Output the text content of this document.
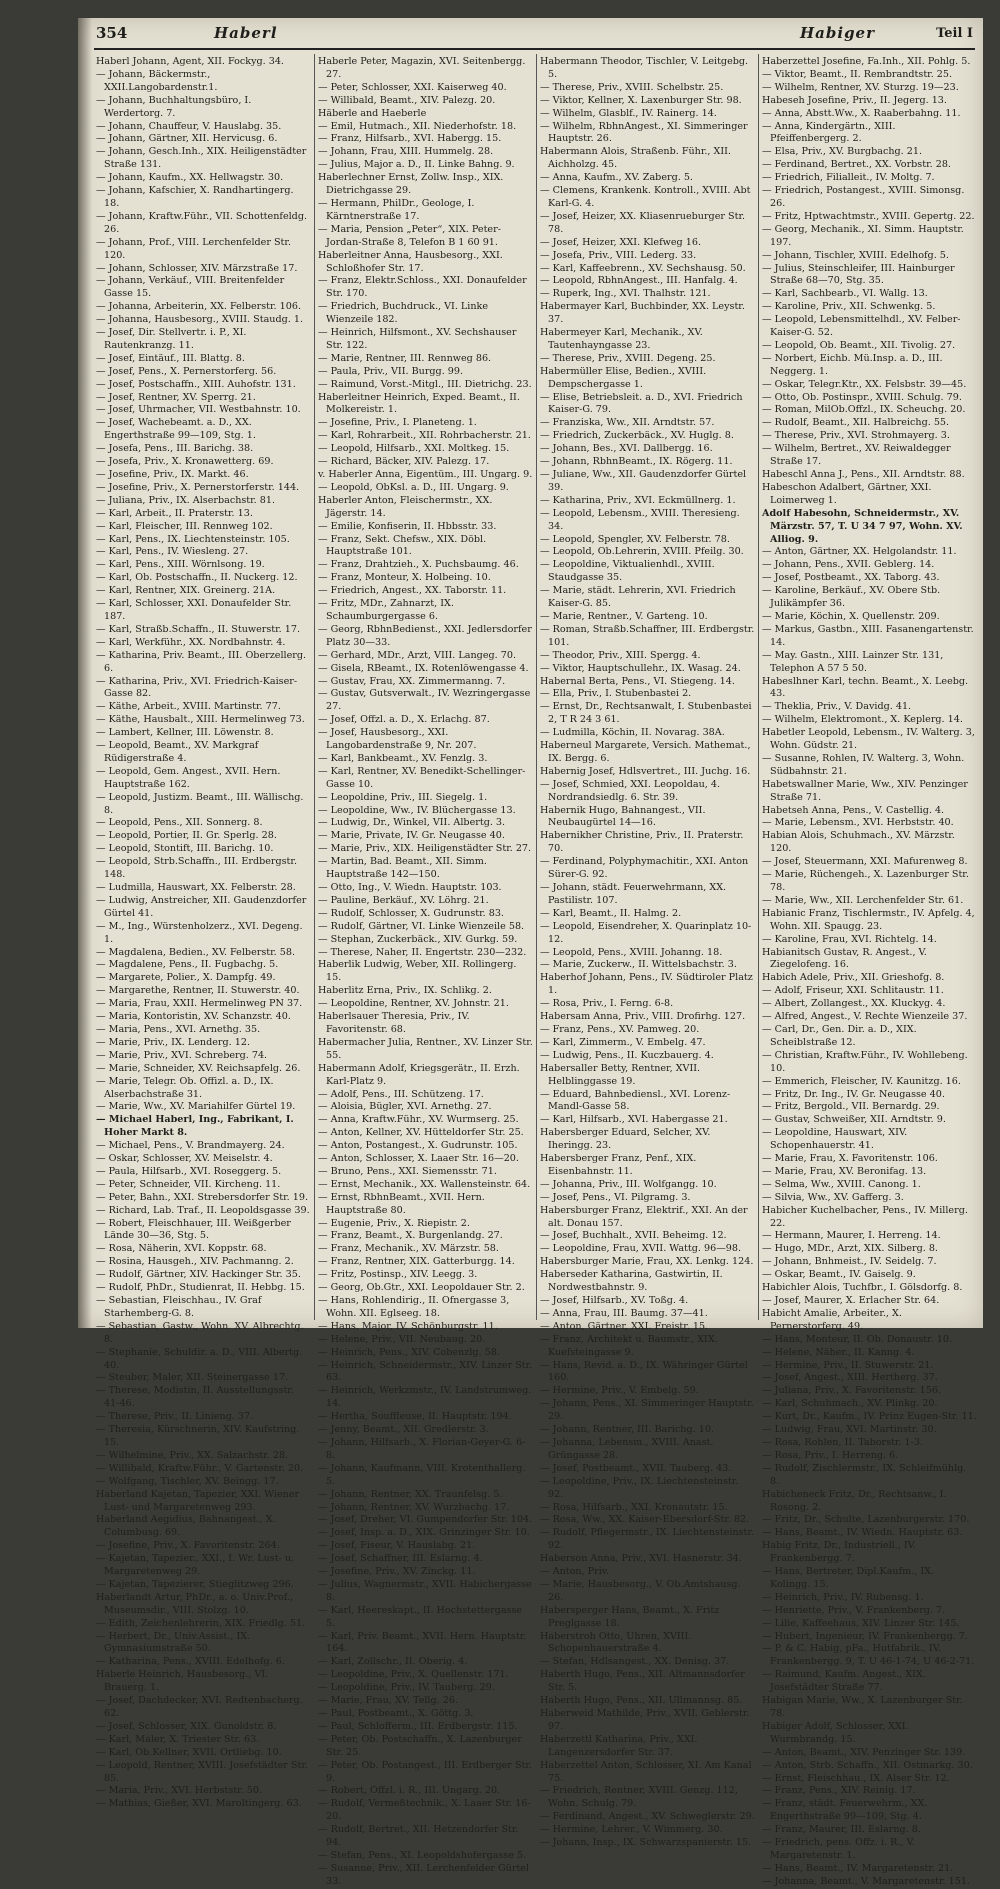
354	Haberl	Habiger	Teil I

Haberl Johann, Agent, XII. Fockyg. 34.

— Johann, Bäckermstr., XXII.Langobardenstr.1.

— Johann, Buchhaltungsbüro, I. Werdertorg. 7.

— Johann, Chauffeur, V. Hauslabg. 35.

— Johann, Gärtner, XII. Hervicusg. 6.

— Johann, Gesch.Inh., XIX. Heiligenstädter Straße 131.

— Johann, Kaufm., XX. Hellwagstr. 30.

— Johann, Kafschier, X. Randhartingerg. 18.

— Johann, Kraftw.Führ., VII. Schottenfeldg. 26.

— Johann, Prof., VIII. Lerchenfelder Str. 120.

— Johann, Schlosser, XIV. Märzstraße 17.

— Johann, Verkäuf., VIII. Breitenfelder Gasse 15.

— Johanna, Arbeiterin, XX. Felberstr. 106.

— Johanna, Hausbesorg., XVIII. Staudg. 1.

— Josef, Dir. Stellvertr. i. P., XI. Rautenkranzg. 11.

— Josef, Eintäuf., III. Blattg. 8.

— Josef, Pens., X. Pernerstorferg. 56.

— Josef, Postschaffn., XIII. Auhofstr. 131.

— Josef, Rentner, XV. Sperrg. 21.

— Josef, Uhrmacher, VII. Westbahnstr. 10.

— Josef, Wachebeamt. a. D., XX. Engerthstraße 99—109, Stg. 1.

— Josefa, Pens., III. Barichg. 38.

— Josefa, Priv., X. Kronawetterg. 69.

— Josefine, Priv., IX. Markt. 46.

— Josefine, Priv., X. Pernerstorferstr. 144.

— Juliana, Priv., IX. Alserbachstr. 81.

— Karl, Arbeit., II. Praterstr. 13.

— Karl, Fleischer, III. Rennweg 102.

— Karl, Pens., IX. Liechtensteinstr. 105.

— Karl, Pens., IV. Wiesleng. 27.

— Karl, Pens., XIII. Wörnlsong. 19.

— Karl, Ob. Postschaffn., II. Nuckerg. 12.

— Karl, Rentner, XIX. Greinerg. 21A.

— Karl, Schlosser, XXI. Donaufelder Str. 187.

— Karl, Straßb.Schaffn., II. Stuwerstr. 17.

— Karl, Werkführ., XX. Nordbahnstr. 4.

— Katharina, Priv. Beamt., III. Oberzellerg. 6.

— Katharina, Priv., XVI. Friedrich-Kaiser-Gasse 82.

— Käthe, Arbeit., XVIII. Martinstr. 77.

— Käthe, Hausbalt., XIII. Hermelinweg 73.

— Lambert, Kellner, III. Löwenstr. 8.

— Leopold, Beamt., XV. Markgraf Rüdigerstraße 4.

— Leopold, Gem. Angest., XVII. Hern. Hauptstraße 162.

— Leopold, Justizm. Beamt., III. Wällischg. 8.

— Leopold, Pens., XII. Sonnerg. 8.

— Leopold, Portier, II. Gr. Sperlg. 28.

— Leopold, Stontift, III. Barichg. 10.

— Leopold, Strb.Schaffn., III. Erdbergstr. 148.

— Ludmilla, Hauswart, XX. Felberstr. 28.

— Ludwig, Anstreicher, XII. Gaudenzdorfer Gürtel 41.

— M., Ing., Würstenholzerz., XVI. Degeng. 1.

— Magdalena, Bedien., XV. Felberstr. 58.

— Magdalene, Pens., II. Fugbachg. 5.

— Margarete, Polier., X. Dampfg. 49.

— Margarethe, Rentner, II. Stuwerstr. 40.

— Maria, Frau, XXII. Hermelinweg PN 37.

— Maria, Kontoristin, XV. Schanzstr. 40.

— Maria, Pens., XVI. Arnethg. 35.

— Marie, Priv., IX. Lenderg. 12.

— Marie, Priv., XVI. Schreberg. 74.

— Marie, Schneider, XV. Reichsapfelg. 26.

— Marie, Telegr. Ob. Offizl. a. D., IX. Alserbachstraße 31.

— Marie, Ww., XV. Mariahilfer Gürtel 19.

— Michael Haberl, Ing., Fabrikant, I. Hoher Markt 8.

— Michael, Pens., V. Brandmayerg. 24.

— Oskar, Schlosser, XV. Meiselstr. 4.

— Paula, Hilfsarb., XVI. Roseggerg. 5.

— Peter, Schneider, VII. Kircheng. 11.

— Peter, Bahn., XXI. Strebersdorfer Str. 19.

— Richard, Lab. Traf., II. Leopoldsgasse 39.

— Robert, Fleischhauer, III. Weißgerber Lände 30—36, Stg. 5.

— Rosa, Näherin, XVI. Koppstr. 68.

— Rosina, Hausgeh., XIV. Pachmanng. 2.

— Rudolf, Gärtner, XIV. Hackinger Str. 35.

— Rudolf, PhDr., Studienrat, II. Hebbg. 15.

— Sebastian, Fleischhau., IV. Graf Starhemberg-G. 8.

— Sebastian, Gastw., Wohn. XV. Albrechtg. 8.

— Stephanie, Schuldir. a. D., VIII. Albertg. 40.

— Steuber, Maler, XII. Steinergasse 17.

— Therese, Modistin, II. Ausstellungsstr. 41-46.

— Therese, Priv., II. Linieng. 37.

— Theresia, Kürschnerin, XIV. Kaufstring. 15.

— Wilhelmine, Priv., XX. Salzachstr. 28.

— Willibald, Kraftw.Führ., V. Gartenstr. 20.

— Wolfgang, Tischler, XV. Beingg. 17.

Haberland Kajetan, Tapezier, XXI. Wiener Lust- und Margaretenweg 293.

Haberland Aegidius, Bahnangest., X. Columbusg. 69.

— Josefine, Priv., X. Favoritenstr. 264.

— Kajetan, Tapezier., XXI., I. Wr. Lust- u. Margaretenweg 29.

— Kajetan, Tapezierer, Stieglitzweg 296.

Haberlandt Artur, PhDr., a. o. Univ.Prof., Museumsdir., VIII. Stolzg. 10.

— Edith, Zeichenlehrerin, XIX. Friedlg. 51.

— Herbert, Dr., Univ.Assist., IX. Gymnasiumstraße 50.

— Katharina, Pens., XVIII. Edelhofg. 6.

Haberle Heinrich, Hausbesorg., VI. Brauerg. 1.

— Josef, Dachdecker, XVI. Redtenbacherg. 62.

— Josef, Schlosser, XIX. Gunoldstr. 8.

— Karl, Maler, X. Triester Str. 63.

— Karl, Ob.Kellner, XVII. Ortliebg. 10.

— Leopold, Rentner, XVIII. Josefstädter Str. 85.

— Maria, Priv., XVI. Herbststr. 50.

— Mathias, Gießer, XVI. Maroltingerg. 63.

Haberle Peter, Magazin, XVI. Seitenbergg. 27.

— Peter, Schlosser, XXI. Kaiserweg 40.

— Willibald, Beamt., XIV. Palezg. 20.

Häberle and Haeberle

— Emil, Hutmach., XII. Niederhofstr. 18.

— Franz, Hilfsarb., XVI. Habergg. 15.

— Johann, Frau, XIII. Hummelg. 28.

— Julius, Major a. D., II. Linke Bahng. 9.

Haberlechner Ernst, Zollw. Insp., XIX. Dietrichgasse 29.

— Hermann, PhilDr., Geologe, I. Kärntnerstraße 17.

— Maria, Pension „Peter“, XIX. Peter-Jordan-Straße 8, Telefon B 1 60 91.

Haberleitner Anna, Hausbesorg., XXI. Schloßhofer Str. 17.

— Franz, Elektr.Schloss., XXI. Donaufelder Str. 170.

— Friedrich, Buchdruck., VI. Linke Wienzeile 182.

— Heinrich, Hilfsmont., XV. Sechshauser Str. 122.

— Marie, Rentner, III. Rennweg 86.

— Paula, Priv., VII. Burgg. 99.

— Raimund, Vorst.-Mitgl., III. Dietrichg. 23.

Haberleitner Heinrich, Exped. Beamt., II. Molkereistr. 1.

— Josefine, Priv., I. Planeteng. 1.

— Karl, Rohrarbeit., XII. Rohrbacherstr. 21.

— Leopold, Hilfsarb., XXI. Moltkeg. 15.

— Richard, Bäcker, XIV. Palezg. 17.

v. Haberler Anna, Eigentüm., III. Ungarg. 9.

— Leopold, ObKsl. a. D., III. Ungarg. 9.

Haberler Anton, Fleischermstr., XX. Jägerstr. 14.

— Emilie, Konfiserin, II. Hbbsstr. 33.

— Franz, Sekt. Chefsw., XIX. Döbl. Hauptstraße 101.

— Franz, Drahtzieh., X. Puchsbaumg. 46.

— Franz, Monteur, X. Holbeing. 10.

— Friedrich, Angest., XX. Taborstr. 11.

— Fritz, MDr., Zahnarzt, IX. Schaumburgergasse 6.

— Georg, RbhnBedienst., XXI. Jedlersdorfer Platz 30—33.

— Gerhard, MDr., Arzt, VIII. Langeg. 70.

— Gisela, RBeamt., IX. Rotenlöwengasse 4.

— Gustav, Frau, XX. Zimmermanng. 7.

— Gustav, Gutsverwalt., IV. Wezringergasse 27.

— Josef, Offzl. a. D., X. Erlachg. 87.

— Josef, Hausbesorg., XXI. Langobardenstraße 9, Nr. 207.

— Karl, Bankbeamt., XV. Fenzlg. 3.

— Karl, Rentner, XV. Benedikt-Schellinger-Gasse 10.

— Leopoldine, Priv., III. Siegelg. 1.

— Leopoldine, Ww., IV. Blüchergasse 13.

— Ludwig, Dr., Winkel, VII. Albertg. 3.

— Marie, Private, IV. Gr. Neugasse 40.

— Marie, Priv., XIX. Heiligenstädter Str. 27.

— Martin, Bad. Beamt., XII. Simm. Hauptstraße 142—150.

— Otto, Ing., V. Wiedn. Hauptstr. 103.

— Pauline, Berkäuf., XV. Löhrg. 21.

— Rudolf, Schlosser, X. Gudrunstr. 83.

— Rudolf, Gärtner, VI. Linke Wienzeile 58.

— Stephan, Zuckerbäck., XIV. Gurkg. 59.

— Therese, Naher, II. Engertstr. 230—232.

Haberlik Ludwig, Weber, XII. Rollingerg. 15.

Haberlitz Erna, Priv., IX. Schlikg. 2.

— Leopoldine, Rentner, XV. Johnstr. 21.

Haberlsauer Theresia, Priv., IV. Favoritenstr. 68.

Habermacher Julia, Rentner., XV. Linzer Str. 55.

Habermann Adolf, Kriegsgerätr., II. Erzh. Karl-Platz 9.

— Adolf, Pens., III. Schützeng. 17.

— Aloisia, Bügler, XVI. Arnethg. 27.

— Anna, Kraftw.Führ., XV. Wurmserg. 25.

— Anton, Kellner, XV. Hütteldorfer Str. 25.

— Anton, Postangest., X. Gudrunstr. 105.

— Anton, Schlosser, X. Laaer Str. 16—20.

— Bruno, Pens., XXI. Siemensstr. 71.

— Ernst, Mechanik., XX. Wallensteinstr. 64.

— Ernst, RbhnBeamt., XVII. Hern. Hauptstraße 80.

— Eugenie, Priv., X. Riepistr. 2.

— Franz, Beamt., X. Burgenlandg. 27.

— Franz, Mechanik., XV. Märzstr. 58.

— Franz, Rentner, XIX. Gatterburgg. 14.

— Fritz, Postinsp., XIV. Leegg. 3.

— Georg, Ob.Gtr., XXI. Leopoldauer Str. 2.

— Hans, Rohlendirig., II. Ofnergasse 3, Wohn. XII. Eglseeg. 18.

— Hans, Major, IV. Schönburgstr. 11.

— Helene, Priv., VII. Neubaug. 20.

— Heinrich, Pens., XIV. Cobenzlg. 58.

— Heinrich, Schneidermstr., XIV. Linzer Str. 63.

— Heinrich, Werkzmstr., IV. Landstrumweg. 14.

— Hertha, Souffleuse, II. Hauptstr. 194.

— Jenny, Beamt., XII. Gredlerstr. 3.

— Johann, Hilfsarb., X. Florian-Geyer-G. 6-8.

— Johann, Kaufmann, VIII. Krotenthallerg. 5.

— Johann, Rentner, XX. Traunfelsg. 5.

— Johann, Rentner, XV. Wurzbachg. 17.

— Josef, Dreher, VI. Gumpendorfer Str. 104.

— Josef, Insp. a. D., XIX. Grinzinger Str. 10.

— Josef, Fiseur, V. Hauslabg. 21.

— Josef, Schaffner, III. Eslarng. 4.

— Josefine, Priv., XV. Zinckg. 11.

— Julius, Wagnermstr., XVII. Habichergasse 8.

— Karl, Heereskapt., II. Hochstettergasse 5.

— Karl, Priv. Beamt., XVII. Hern. Hauptstr. 164.

— Karl, Zollschr., II. Oberig. 4.

— Leopoldine, Priv., X. Quellenstr. 171.

— Leopoldine, Priv., IV. Tauberg. 29.

— Marie, Frau, XV. Tellg. 26.

— Paul, Postbeamt., X. Göttg. 3.

— Paul, Schlofferm., III. Erdbergstr. 115.

— Peter, Ob. Postschaffn., X. Lazenburger Str. 25.

— Peter, Ob. Postangest., III. Erdberger Str. 9.

— Robert, Offzl. i. R., III. Ungarg. 20.

— Rudolf, Vermeßtechnik., X. Laaer Str. 16-20.

— Rudolf, Bertret., XII. Hetzendorfer Str. 94.

— Stefan, Pens., XI. Leopoldshofergasse 5.

— Susanne, Priv., XII. Lerchenfelder Gürtel 33.

Habermann Theodor, Tischler, V. Leitgebg. 5.

— Therese, Priv., XVIII. Schelbstr. 25.

— Viktor, Kellner, X. Laxenburger Str. 98.

— Wilhelm, Glasblf., IV. Rainerg. 14.

— Wilhelm, RbhnAngest., XI. Simmeringer Hauptstr. 26.

Habermann Alois, Straßenb. Führ., XII. Aichholzg. 45.

— Anna, Kaufm., XV. Zaberg. 5.

— Clemens, Krankenk. Kontroll., XVIII. Abt Karl-G. 4.

— Josef, Heizer, XX. Kliasenrueburger Str. 78.

— Josef, Heizer, XXI. Klefweg 16.

— Josefa, Priv., VIII. Lederg. 33.

— Karl, Kaffeebrenn., XV. Sechshausg. 50.

— Leopold, RbhnAngest., III. Hanfalg. 4.

— Ruperk, Ing., XVI. Thalhstr. 121.

Habermayer Karl, Buchbinder, XX. Leystr. 37.

Habermeyer Karl, Mechanik., XV. Tautenhayngasse 23.

— Therese, Priv., XVIII. Degeng. 25.

Habermüller Elise, Bedien., XVIII. Dempschergasse 1.

— Elise, Betriebsleit. a. D., XVI. Friedrich Kaiser-G. 79.

— Franziska, Ww., XII. Arndtstr. 57.

— Friedrich, Zuckerbäck., XV. Huglg. 8.

— Johann, Bes., XVI. Dallbergg. 16.

— Johann, RbhnBeamt., IX. Rögerg. 11.

— Juliane, Ww., XII. Gaudenzdorfer Gürtel 39.

— Katharina, Priv., XVI. Eckmüllnerg. 1.

— Leopold, Lebensm., XVIII. Theresieng. 34.

— Leopold, Spengler, XV. Felberstr. 78.

— Leopold, Ob.Lehrerin, XVIII. Pfeilg. 30.

— Leopoldine, Viktualienhdl., XVIII. Staudgasse 35.

— Marie, städt. Lehrerin, XVI. Friedrich Kaiser-G. 85.

— Marie, Rentner., V. Garteng. 10.

— Roman, Straßb.Schaffner, III. Erdbergstr. 101.

— Theodor, Priv., XIII. Spergg. 4.

— Viktor, Hauptschullehr., IX. Wasag. 24.

Habernal Berta, Pens., VI. Stiegeng. 14.

— Ella, Priv., I. Stubenbastei 2.

— Ernst, Dr., Rechtsanwalt, I. Stubenbastei 2, T R 24 3 61.

— Ludmilla, Köchin, II. Novarag. 38A.

Haberneul Margarete, Versich. Mathemat., IX. Bergg. 6.

Habernig Josef, Hdlsvertret., III. Juchg. 16.

— Josef, Schmied, XXI. Leopoldau, 4. Nordrandsiedlg. 6. Str. 39.

Habernik Hugo, Bahnangest., VII. Neubaugürtel 14—16.

Habernikher Christine, Priv., II. Praterstr. 70.

— Ferdinand, Polyphymachitir., XXI. Anton Sürer-G. 92.

— Johann, städt. Feuerwehrmann, XX. Pastilistr. 107.

— Karl, Beamt., II. Halmg. 2.

— Leopold, Eisendreher, X. Quarinplatz 10-12.

— Leopold, Pens., XVIII. Johanng. 18.

— Marie, Zuckerw., II. Wittelsbachstr. 3.

Haberhof Johann, Pens., IV. Südtiroler Platz 1.

— Rosa, Priv., I. Ferng. 6-8.

Habersam Anna, Priv., VIII. Drofirhg. 127.

— Franz, Pens., XV. Pamweg. 20.

— Karl, Zimmerm., V. Embelg. 47.

— Ludwig, Pens., II. Kuczbauerg. 4.

Habersaller Betty, Rentner, XVII. Helblinggasse 19.

— Eduard, Bahnbediensl., XVI. Lorenz-Mandl-Gasse 58.

— Karl, Hilfsarb., XVI. Habergasse 21.

Habersberger Eduard, Selcher, XV. Iheringg. 23.

Habersberger Franz, Penf., XIX. Eisenbahnstr. 11.

— Johanna, Priv., III. Wolfgangg. 10.

— Josef, Pens., VI. Pilgramg. 3.

Habersburger Franz, Elektrif., XXI. An der alt. Donau 157.

— Josef, Buchhalt., XVII. Beheimg. 12.

— Leopoldine, Frau, XVII. Wattg. 96—98.

Habersburger Marie, Frau, XX. Lenkg. 124.

Haberseder Katharina, Gastwirtin, II. Nordwestbahnstr. 9.

— Josef, Hilfsarb., XV. Toßg. 4.

— Anna, Frau, III. Baumg. 37—41.

— Anton, Gärtner, XXI. Freistr. 15.

— Franz, Architekt u. Baumstr., XIX. Kuefsteingasse 9.

— Hans, Revid. a. D., IX. Währinger Gürtel 160.

— Hermine, Priv., V. Embelg. 59.

— Johann, Pens., XI. Simmeringer Hauptstr. 29.

— Johann, Rentner, III. Barichg. 10.

— Johanna, Lebensm., XVIII. Anast. Grüngasse 28.

— Josef, Postbeamt., XVII. Tauberg. 43.

— Leopoldine, Priv., IX. Liechtensteinstr. 92.

— Rosa, Hilfsarb., XXI. Kronautstr. 15.

— Rosa, Ww., XX. Kaiser-Ebersdorf-Str. 82.

— Rudolf, Pflegermstr., IX. Liechtensteinstr. 92.

Haberson Anna, Priv., XVI. Hasnerstr. 34.

— Anton, Priv.

— Marie, Hausbesorg., V. Ob.Amtshausg. 26.

Habersperger Hans, Beamt., X. Fritz Preglgasse 18.

Haberstroh Otto, Uhren, XVIII. Schopenhauerstraße 4.

— Stefan, Hdlsangest., XX. Denisg. 37.

Haberth Hugo, Pens., XII. Altmannsdorfer Str. 5.

Haberth Hugo, Pens., XII. Ullmannsg. 85.

Haberweid Mathilde, Priv., XVII. Geblerstr. 97.

Haberzettl Katharina, Priv., XXI. Langenzersdorfer Str. 37.

Haberzettel Anton, Schlosser, XI. Am Kanal 75.

— Friedrich, Rentner, XVIII. Genzg. 112, Wohn. Schulg. 79.

— Ferdinand, Angest., XV. Schweglerstr. 29.

— Hermine, Lehrer., V. Wimmerg. 30.

— Johann, Insp., IX. Schwarzspanierstr. 15.

Haberzettel Josefine, Fa.Inh., XII. Pohlg. 5.

— Viktor, Beamt., II. Rembrandtstr. 25.

— Wilhelm, Rentner, XV. Sturzg. 19—23.

Habeseh Josefine, Priv., II. Jegerg. 13.

— Anna, Abstt.Ww., X. Raaberbahng. 11.

— Anna, Kindergärtn., XIII. Pfeiffenbergerg. 2.

— Elsa, Priv., XV. Burgbachg. 21.

— Ferdinand, Bertret., XX. Vorbstr. 28.

— Friedrich, Filialleit., IV. Moltg. 7.

— Friedrich, Postangest., XVIII. Simonsg. 26.

— Fritz, Hptwachtmstr., XVIII. Gepertg. 22.

— Georg, Mechanik., XI. Simm. Hauptstr. 197.

— Johann, Tischler, XVIII. Edelhofg. 5.

— Julius, Steinschleifer, III. Hainburger Straße 68—70, Stg. 35.

— Karl, Sachbearb., VI. Wallg. 13.

— Karoline, Priv., XII. Schwenkg. 5.

— Leopold, Lebensmittelhdl., XV. Felber-Kaiser-G. 52.

— Leopold, Ob. Beamt., XII. Tivolig. 27.

— Norbert, Eichb. Mü.Insp. a. D., III. Neggerg. 1.

— Oskar, Telegr.Ktr., XX. Felsbstr. 39—45.

— Otto, Ob. Postinspr., XVIII. Schulg. 79.

— Roman, MilOb.Offzl., IX. Scheuchg. 20.

— Rudolf, Beamt., XII. Halbreichg. 55.

— Therese, Priv., XVI. Strohmayerg. 3.

— Wilhelm, Bertret., XV. Reiwaldegger Straße 17.

Habeschl Anna J., Pens., XII. Arndtstr. 88.

Habeschon Adalbert, Gärtner, XXI. Loimerweg 1.

Adolf Habesohn, Schneidermstr., XV. Märzstr. 57, T. U 34 7 97, Wohn. XV. Alliog. 9.

— Anton, Gärtner, XX. Helgolandstr. 11.

— Johann, Pens., XVII. Geblerg. 14.

— Josef, Postbeamt., XX. Taborg. 43.

— Karoline, Berkäuf., XV. Obere Stb. Julikämpfer 36.

— Marie, Köchin, X. Quellenstr. 209.

— Markus, Gastbn., XIII. Fasanengartenstr. 14.

— May. Gastn., XIII. Lainzer Str. 131, Telephon A 57 5 50.

Habeslhner Karl, techn. Beamt., X. Leebg. 43.

— Theklia, Priv., V. Davidg. 41.

— Wilhelm, Elektromont., X. Keplerg. 14.

Habetler Leopold, Lebensm., IV. Walterg. 3, Wohn. Güdstr. 21.

— Susanne, Rohlen, IV. Walterg. 3, Wohn. Südbahnstr. 21.

Habetswallner Marie, Ww., XIV. Penzinger Straße 71.

Habetseh Anna, Pens., V. Castellig. 4.

— Marie, Lebensm., XVI. Herbststr. 40.

Habian Alois, Schuhmach., XV. Märzstr. 120.

— Josef, Steuermann, XXI. Mafurenweg 8.

— Marie, Rüchengeh., X. Lazenburger Str. 78.

— Marie, Ww., XII. Lerchenfelder Str. 61.

Habianic Franz, Tischlermstr., IV. Apfelg. 4, Wohn. XII. Spaugg. 23.

— Karoline, Frau, XVI. Richtelg. 14.

Habianitsch Gustav, R. Angest., V. Ziegelofeng. 16.

Habich Adele, Priv., XII. Grieshofg. 8.

— Adolf, Friseur, XXI. Schlitaustr. 11.

— Albert, Zollangest., XX. Kluckyg. 4.

— Alfred, Angest., V. Rechte Wienzeile 37.

— Carl, Dr., Gen. Dir. a. D., XIX. Scheiblstraße 12.

— Christian, Kraftw.Führ., IV. Wohllebeng. 10.

— Emmerich, Fleischer, IV. Kaunitzg. 16.

— Fritz, Dr. Ing., IV. Gr. Neugasse 40.

— Fritz, Bergold., VII. Bernardg. 29.

— Gustav, Schweißer, XII. Arndtstr. 9.

— Leopoldine, Hauswart, XIV. Schopenhauerstr. 41.

— Marie, Frau, X. Favoritenstr. 106.

— Marie, Frau, XV. Beronifag. 13.

— Selma, Ww., XVIII. Canong. 1.

— Silvia, Ww., XV. Gafferg. 3.

Habicher Kuchelbacher, Pens., IV. Millerg. 22.

— Hermann, Maurer, I. Herreng. 14.

— Hugo, MDr., Arzt, XIX. Silberg. 8.

— Johann, Bnhmeist., IV. Seidelg. 7.

— Oskar, Beamt., IV. Gaiselg. 9.

Habichler Alois, Tuchfbr., I. Gölsdorfg. 8.

— Josef, Maurer, X. Erlacher Str. 64.

Habicht Amalie, Arbeiter., X. Pernerstorferg. 49.

— Hans, Monteur, II. Ob. Donaustr. 10.

— Helene, Näher., II. Kanng. 4.

— Hermine, Priv., II. Stuwerstr. 21.

— Josef, Angest., XIII. Hertherg. 37.

— Juliana, Priv., X. Favoritenstr. 156.

— Karl, Schuhmach., XV. Plinkg. 20.

— Kurt, Dr., Kaufm., IV. Prinz Eugen-Str. 11.

— Ludwig, Frau, XVI. Martinstr. 30.

— Rosa, Rohlen, II. Taborstr. 1-3.

— Rosa, Priv., I. Herreng. 6.

— Rudolf, Zischlermstr., IX. Schleifmühlg. 8.

Habicheneck Fritz, Dr., Rechtsanw., I. Rosong. 2.

— Fritz, Dr., Schulte, Lazenburgerstr. 170.

— Hans, Beamt., IV. Wiedn. Hauptstr. 63.

Habig Fritz, Dr., Industriell., IV. Frankenbergg. 7.

— Hans, Bertreter, Dipl.Kaufm., IX. Kolingg. 15.

— Heinrich, Priv., IV. Rubensg. 1.

— Henriette, Priv., V. Frankenberg. 7.

— Lilie, Kaffeehaus, XIV. Linzer Str. 145.

— Hubert, Ingenieur, IV. Frankenbergg. 7.

— P. & C. Habig, pFa., Hutfabrik., IV. Frankenbergg. 9, T. U 46-1-74, U 46-2-71.

— Raimund, Kaufm. Angest., XIX. Josefstädter Straße 77.

Habigan Marie, Ww., X. Lazenburger Str. 78.

Habiger Adolf, Schlosser, XXI. Wurmbrandg. 15.

— Anton, Beamt., XIV. Penzinger Str. 139.

— Anton, Strb. Schaffn., XII. Ostmarkg. 30.

— Ernst, Fleischhau., IX. Alser Str. 12.

— Franz, Pens., XIV. Reinig. 17.

— Franz, städt. Feuerwehrm., XX. Engerthstraße 99—109, Stg. 4.

— Franz, Maurer, III. Eslarng. 8.

— Friedrich, pens. Offz. i. R., V. Margaretenstr. 1.

— Hans, Beamt., IV. Margaretenstr. 21.

— Johanna, Beamt., V. Margaretenstr. 151.
